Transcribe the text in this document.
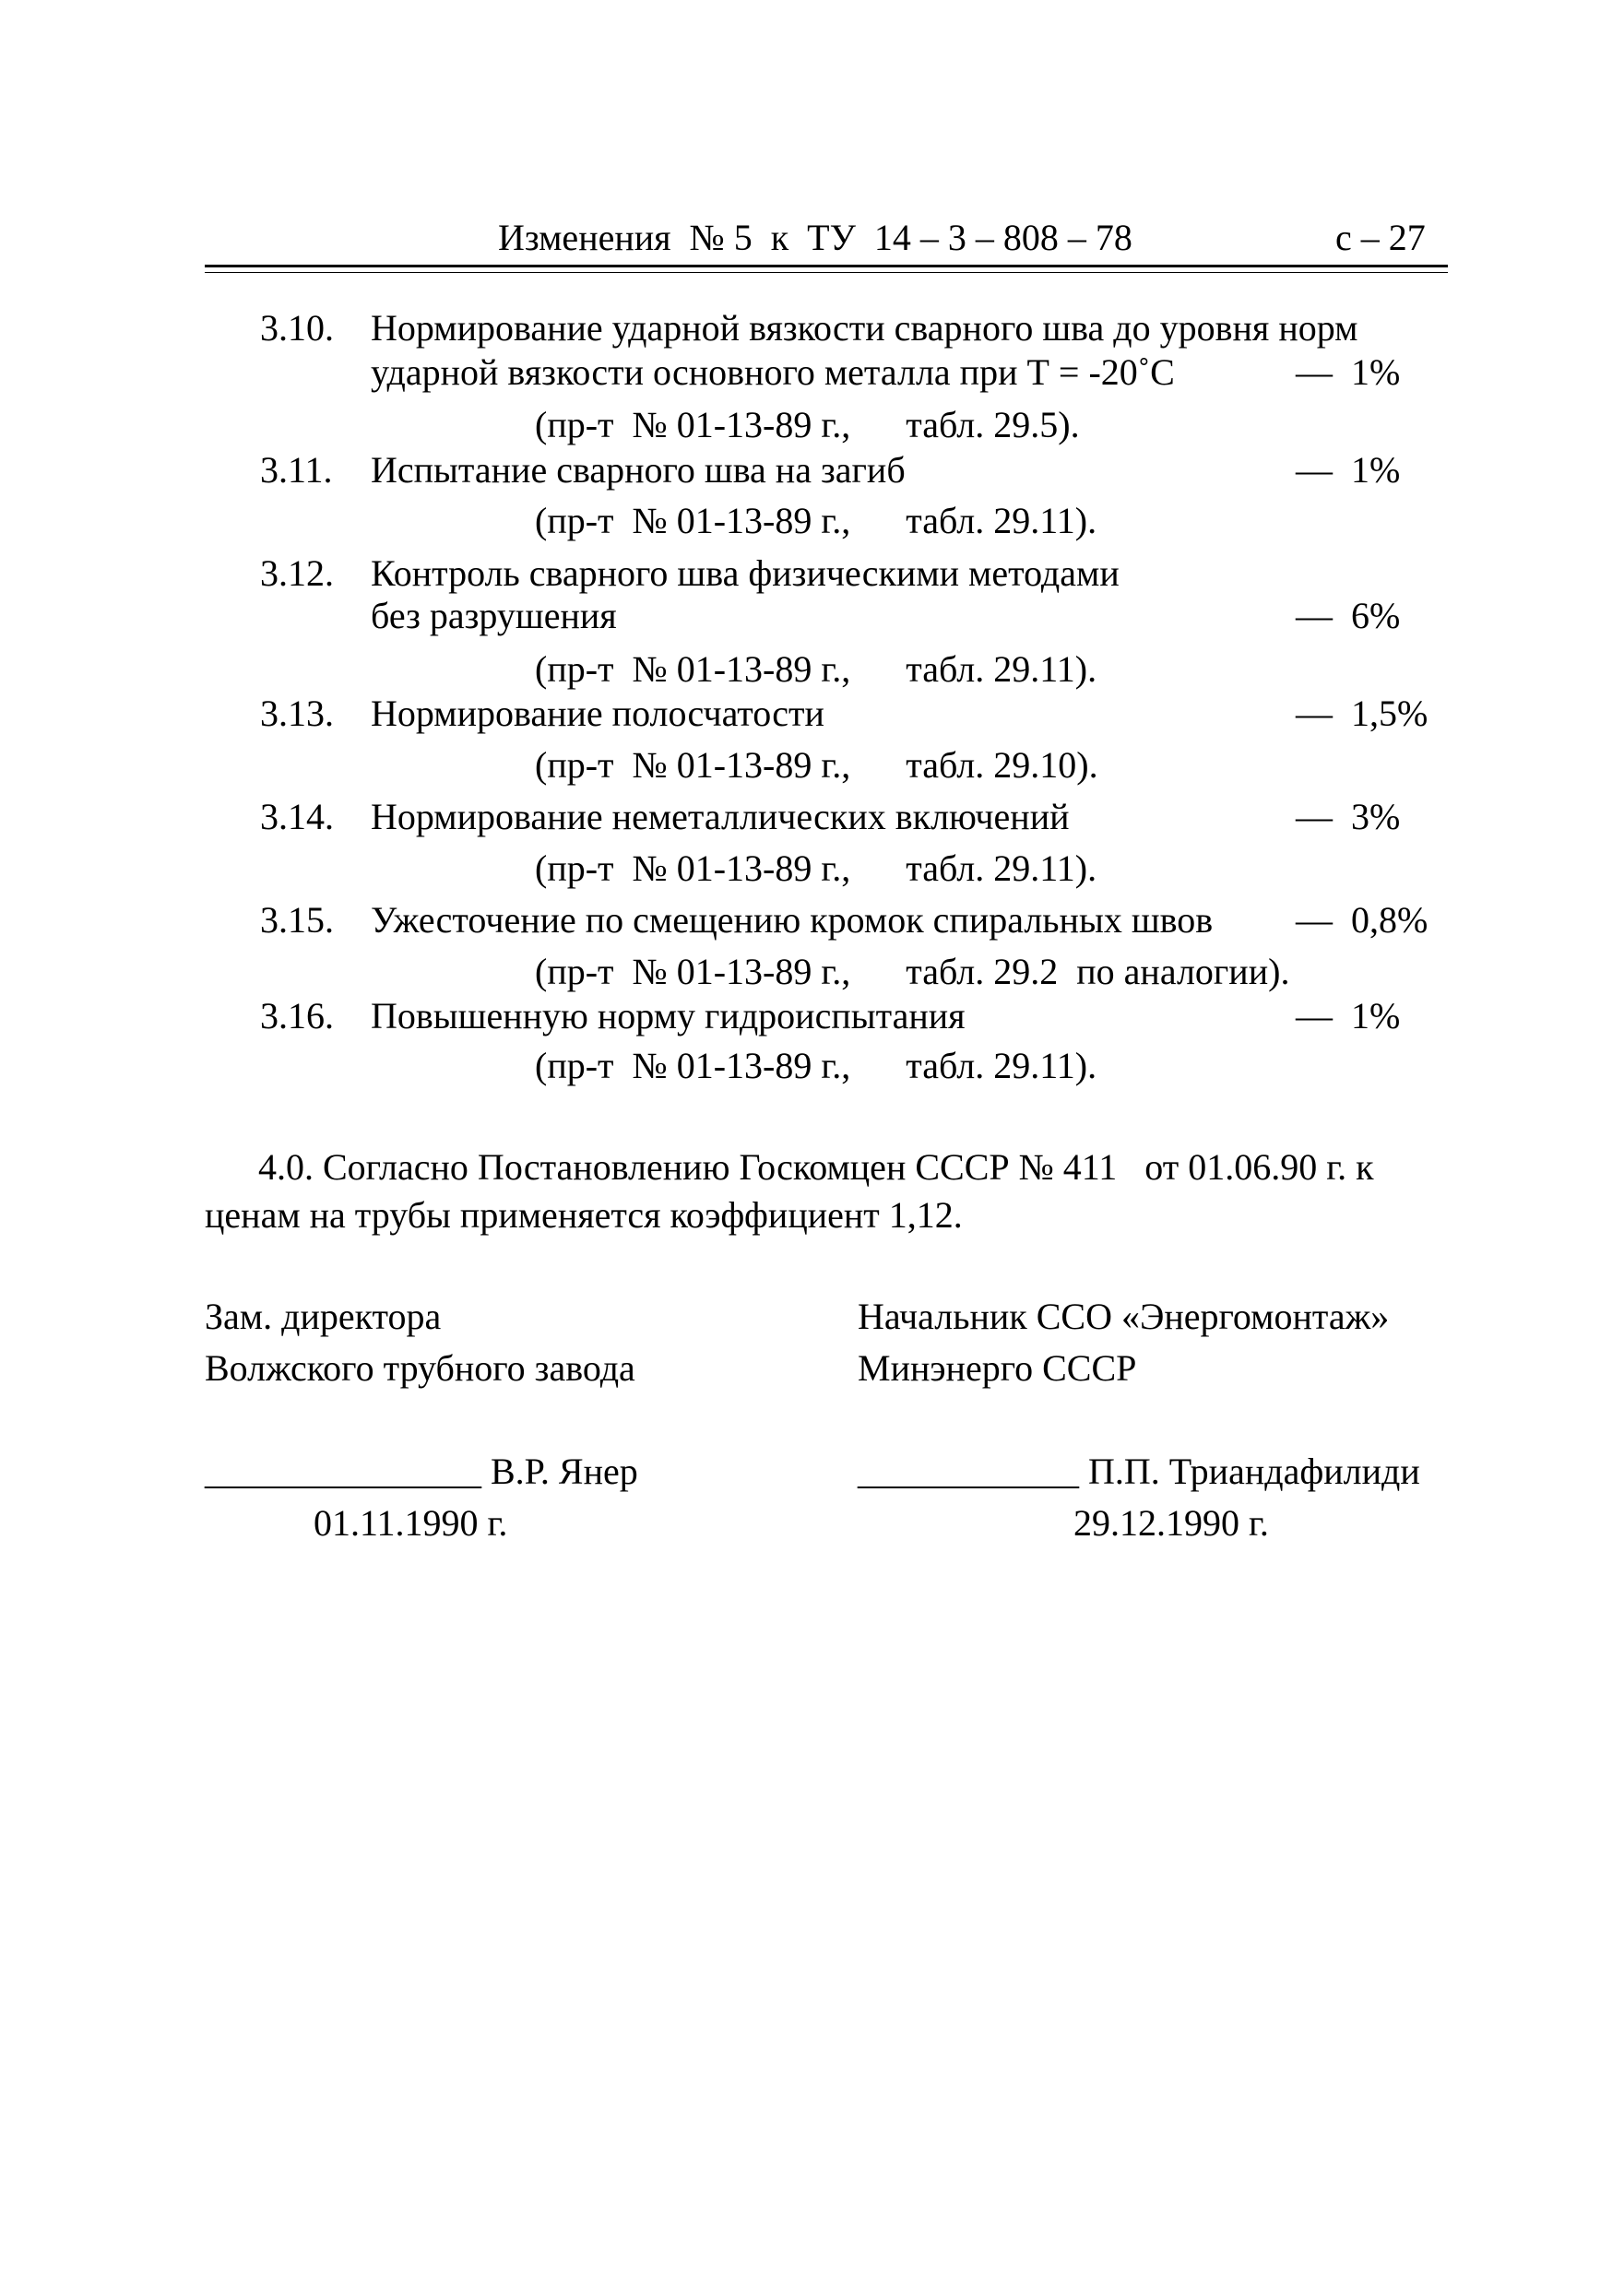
Изменения  № 5  к  ТУ  14 – 3 – 808 – 78	с – 27
3.10. Нормирование ударной вязкости сварного шва до уровня норм
ударной вязкости основного металла при Т = -20˚С	—  1%
(пр-т  № 01-13-89 г.,      табл. 29.5).
3.11. Испытание сварного шва на загиб	—  1%
(пр-т  № 01-13-89 г.,      табл. 29.11).
3.12. Контроль сварного шва физическими методами
без разрушения	—  6%
(пр-т  № 01-13-89 г.,      табл. 29.11).
3.13. Нормирование полосчатости	—  1,5%
(пр-т  № 01-13-89 г.,      табл. 29.10).
3.14. Нормирование неметаллических включений	—  3%
(пр-т  № 01-13-89 г.,      табл. 29.11).
3.15. Ужесточение по смещению кромок спиральных швов —  0,8%
(пр-т  № 01-13-89 г.,      табл. 29.2  по аналогии).
3.16. Повышенную норму гидроиспытания	—  1%
(пр-т  № 01-13-89 г.,      табл. 29.11).
4.0. Согласно Постановлению Госкомцен СССР № 411   от 01.06.90 г. к
ценам на трубы применяется коэффициент 1,12.
Зам. директора
Волжского трубного завода
_______________ В.Р. Янер
01.11.1990 г.
Начальник ССО «Энергомонтаж»
Минэнерго СССР
____________ П.П. Триандафилиди
29.12.1990 г.
